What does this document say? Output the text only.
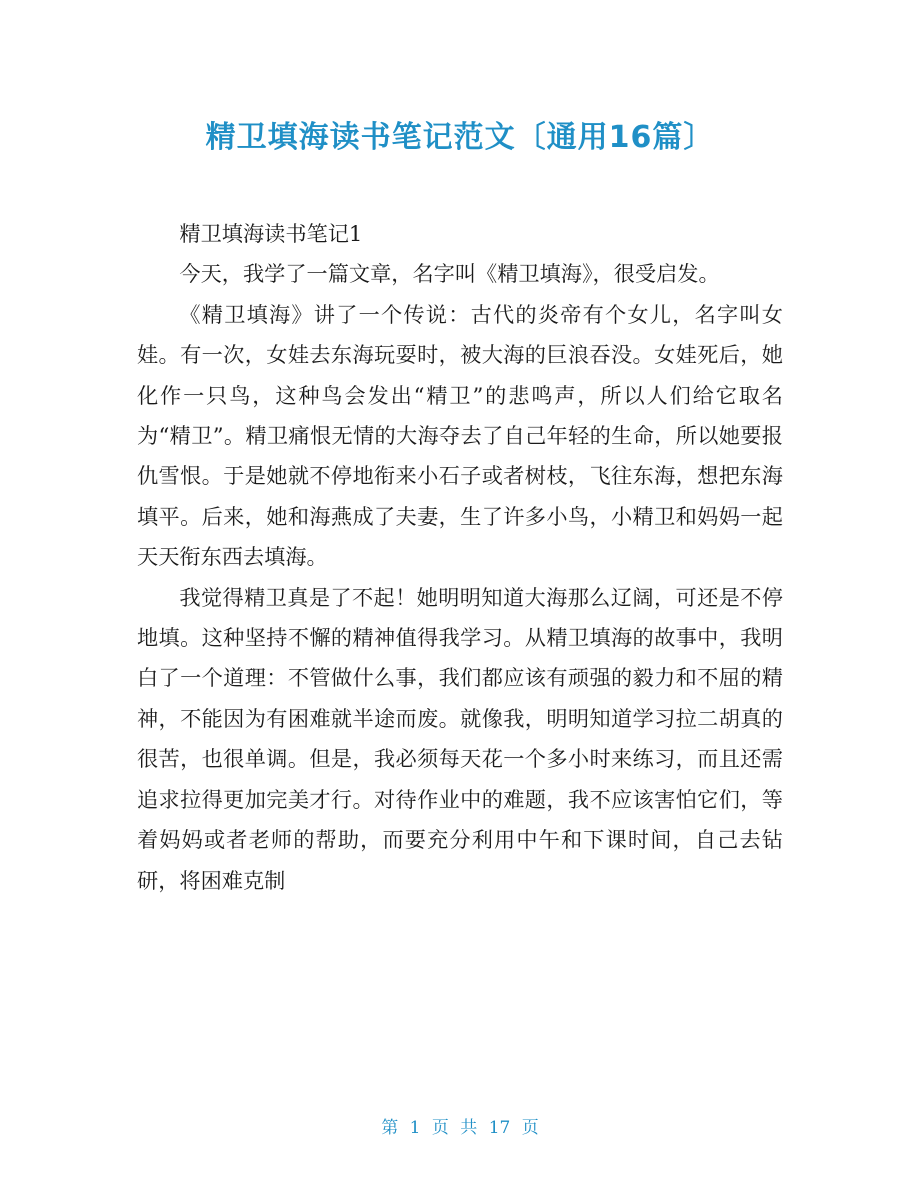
精卫填海读书笔记范文〔通用16篇〕

精卫填海读书笔记1

今天，我学了一篇文章，名字叫《精卫填海》，很受启发。

《精卫填海》讲了一个传说：古代的炎帝有个女儿，名字叫女娃。有一次，女娃去东海玩耍时，被大海的巨浪吞没。女娃死后，她化作一只鸟，这种鸟会发出“精卫”的悲鸣声，所以人们给它取名为“精卫”。精卫痛恨无情的大海夺去了自己年轻的生命，所以她要报仇雪恨。于是她就不停地衔来小石子或者树枝，飞往东海，想把东海填平。后来，她和海燕成了夫妻，生了许多小鸟，小精卫和妈妈一起天天衔东西去填海。

我觉得精卫真是了不起！她明明知道大海那么辽阔，可还是不停地填。这种坚持不懈的精神值得我学习。从精卫填海的故事中，我明白了一个道理：不管做什么事，我们都应该有顽强的毅力和不屈的精神，不能因为有困难就半途而废。就像我，明明知道学习拉二胡真的很苦，也很单调。但是，我必须每天花一个多小时来练习，而且还需追求拉得更加完美才行。对待作业中的难题，我不应该害怕它们，等着妈妈或者老师的帮助，而要充分利用中午和下课时间，自己去钻研，将困难克制

第 1 页 共 17 页
